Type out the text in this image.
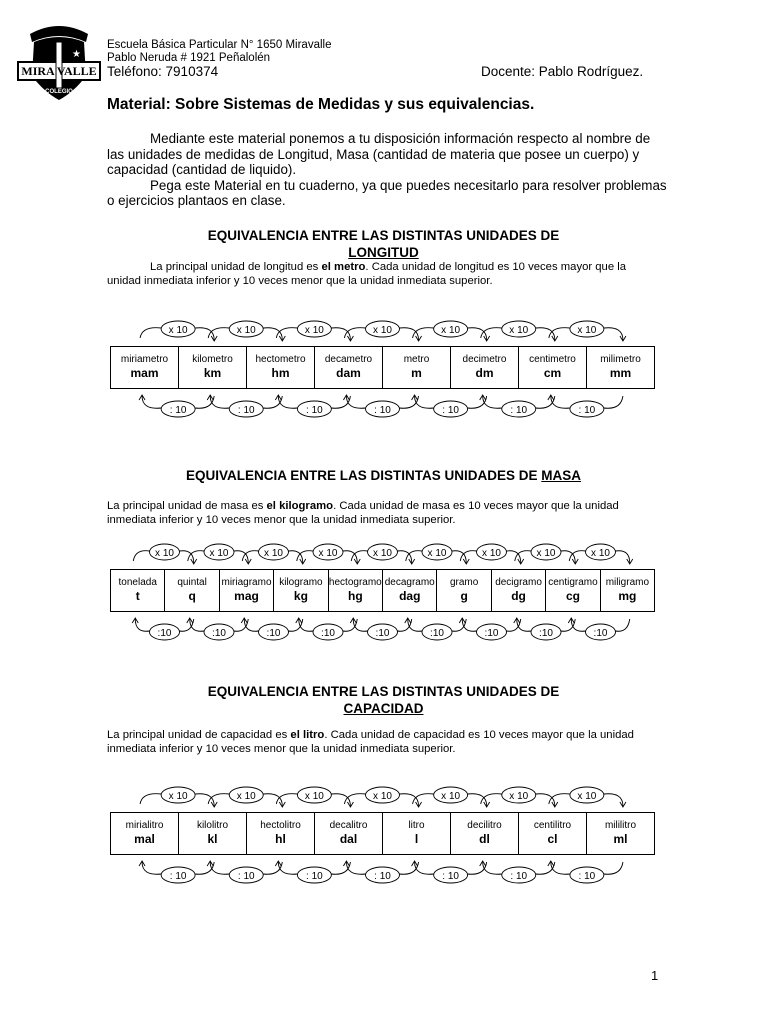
MIRA VALLE
★
COLEGIO
Escuela Básica Particular N° 1650 Miravalle
Pablo Neruda # 1921 Peñalolén
Teléfono: 7910374	Docente: Pablo Rodríguez.
Material: Sobre Sistemas de Medidas y sus equivalencias.

Mediante este material ponemos a tu disposición información respecto al nombre de las unidades de medidas de Longitud, Masa (cantidad de materia que posee un cuerpo) y capacidad (cantidad de liquido).

Pega este Material en tu cuaderno, ya que puedes necesitarlo para resolver problemas o ejercicios plantaos en clase.

EQUIVALENCIA ENTRE LAS DISTINTAS UNIDADES DE
LONGITUD
La principal unidad de longitud es el metro. Cada unidad de longitud es 10 veces mayor que la unidad inmediata inferior y 10 veces menor que la unidad inmediata superior.
x 10
: 10
x 10
: 10
x 10
: 10
x 10
: 10
x 10
: 10
x 10
: 10
x 10
: 10
miriametro
mam
kilometro
km
hectometro
hm
decametro
dam
metro
m
decimetro
dm
centimetro
cm
milimetro
mm
EQUIVALENCIA ENTRE LAS DISTINTAS UNIDADES DE MASA
La principal unidad de masa es el kilogramo. Cada unidad de masa es 10 veces mayor que la unidad inmediata inferior y 10 veces menor que la unidad inmediata superior.
x 10
:10
x 10
:10
x 10
:10
x 10
:10
x 10
:10
x 10
:10
x 10
:10
x 10
:10
x 10
:10
tonelada
t
quintal
q
miriagramo
mag
kilogramo
kg
hectogramo
hg
decagramo
dag
gramo
g
decigramo
dg
centigramo
cg
miligramo
mg
EQUIVALENCIA ENTRE LAS DISTINTAS UNIDADES DE
CAPACIDAD
La principal unidad de capacidad es el litro. Cada unidad de capacidad es 10 veces mayor que la unidad inmediata inferior y 10 veces menor que la unidad inmediata superior.
x 10
: 10
x 10
: 10
x 10
: 10
x 10
: 10
x 10
: 10
x 10
: 10
x 10
: 10
mirialitro
mal
kilolitro
kl
hectolitro
hl
decalitro
dal
litro
l
decilitro
dl
centilitro
cl
mililitro
ml
1
